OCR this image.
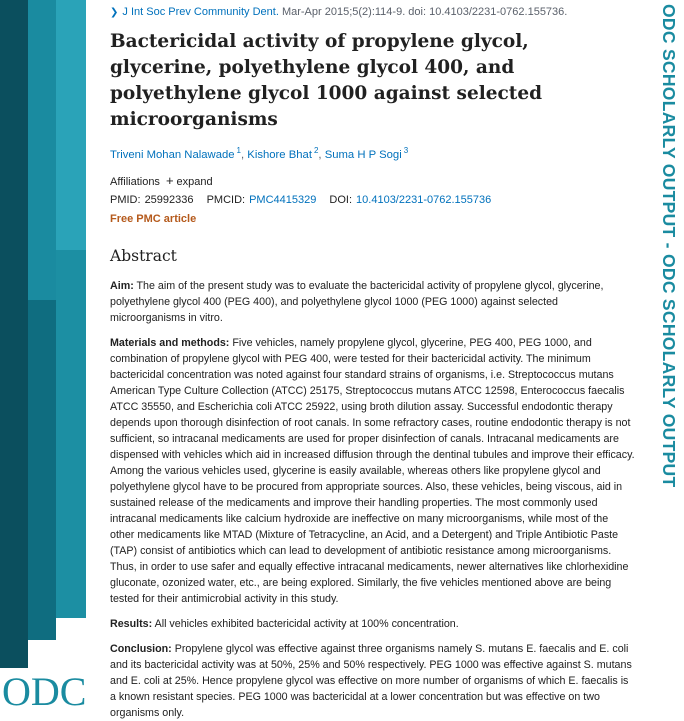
ODC
ODC SCHOLARLY OUTPUT - ODC SCHOLARLY OUTPUT
❯ J Int Soc Prev Community Dent. Mar-Apr 2015;5(2):114-9. doi: 10.4103/2231-0762.155736.
Bactericidal activity of propylene glycol, glycerine, polyethylene glycol 400, and polyethylene glycol 1000 against selected microorganisms
Triveni Mohan Nalawade $^1$, Kishore Bhat $^2$, Suma H P Sogi $^3$
Affiliations + expand
PMID: 25992336 PMCID: PMC4415329 DOI: 10.4103/2231-0762.155736
Free PMC article
Abstract
Aim: The aim of the present study was to evaluate the bactericidal activity of propylene glycol, glycerine, polyethylene glycol 400 (PEG 400), and polyethylene glycol 1000 (PEG 1000) against selected microorganisms in vitro.
Materials and methods: Five vehicles, namely propylene glycol, glycerine, PEG 400, PEG 1000, and combination of propylene glycol with PEG 400, were tested for their bactericidal activity. The minimum bactericidal concentration was noted against four standard strains of organisms, i.e. Streptococcus mutans American Type Culture Collection (ATCC) 25175, Streptococcus mutans ATCC 12598, Enterococcus faecalis ATCC 35550, and Escherichia coli ATCC 25922, using broth dilution assay. Successful endodontic therapy depends upon thorough disinfection of root canals. In some refractory cases, routine endodontic therapy is not sufficient, so intracanal medicaments are used for proper disinfection of canals. Intracanal medicaments are dispensed with vehicles which aid in increased diffusion through the dentinal tubules and improve their efficacy. Among the various vehicles used, glycerine is easily available, whereas others like propylene glycol and polyethylene glycol have to be procured from appropriate sources. Also, these vehicles, being viscous, aid in sustained release of the medicaments and improve their handling properties. The most commonly used intracanal medicaments like calcium hydroxide are ineffective on many microorganisms, while most of the other medicaments like MTAD (Mixture of Tetracycline, an Acid, and a Detergent) and Triple Antibiotic Paste (TAP) consist of antibiotics which can lead to development of antibiotic resistance among microorganisms. Thus, in order to use safer and equally effective intracanal medicaments, newer alternatives like chlorhexidine gluconate, ozonized water, etc., are being explored. Similarly, the five vehicles mentioned above are being tested for their antimicrobial activity in this study.
Results: All vehicles exhibited bactericidal activity at 100% concentration.
Conclusion: Propylene glycol was effective against three organisms namely S. mutans E. faecalis and E. coli and its bactericidal activity was at 50%, 25% and 50% respectively. PEG 1000 was effective against S. mutans and E. coli at 25%. Hence propylene glycol was effective on more number of organisms of which E. faecalis is a known resistant species. PEG 1000 was bactericidal at a lower concentration but was effective on two organisms only.
